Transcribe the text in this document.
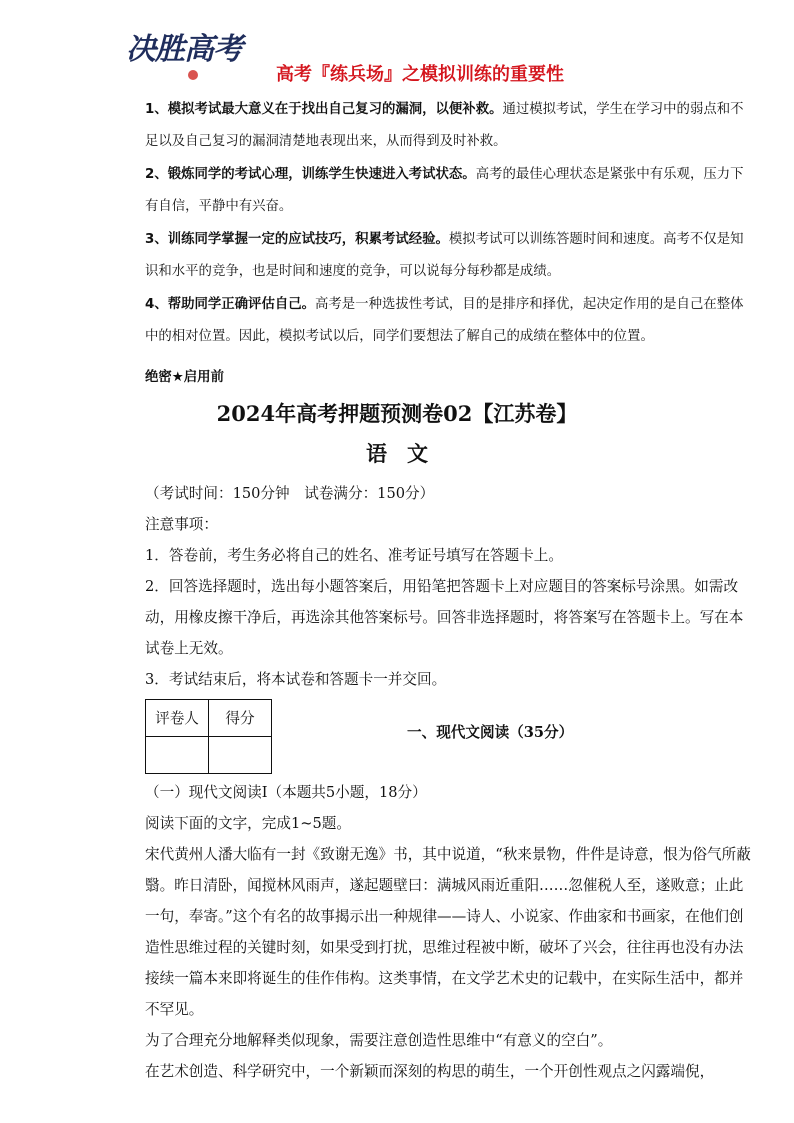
决胜高考
高考『练兵场』之模拟训练的重要性

1、模拟考试最大意义在于找出自己复习的漏洞，以便补救。通过模拟考试，学生在学习中的弱点和不足以及自己复习的漏洞清楚地表现出来，从而得到及时补救。

2、锻炼同学的考试心理，训练学生快速进入考试状态。高考的最佳心理状态是紧张中有乐观，压力下有自信，平静中有兴奋。

3、训练同学掌握一定的应试技巧，积累考试经验。模拟考试可以训练答题时间和速度。高考不仅是知识和水平的竞争，也是时间和速度的竞争，可以说每分每秒都是成绩。

4、帮助同学正确评估自己。高考是一种选拔性考试，目的是排序和择优，起决定作用的是自己在整体中的相对位置。因此，模拟考试以后，同学们要想法了解自己的成绩在整体中的位置。

绝密★启用前
2024年高考押题预测卷02【江苏卷】
语文

（考试时间：150分钟　试卷满分：150分）

注意事项：

1．答卷前，考生务必将自己的姓名、准考证号填写在答题卡上。

2．回答选择题时，选出每小题答案后，用铅笔把答题卡上对应题目的答案标号涂黑。如需改动，用橡皮擦干净后，再选涂其他答案标号。回答非选择题时，将答案写在答题卡上。写在本试卷上无效。

3．考试结束后，将本试卷和答题卡一并交回。

评卷人	得分

一、现代文阅读（35分）

（一）现代文阅读Ⅰ（本题共5小题，18分）

阅读下面的文字，完成1~5题。

宋代黄州人潘大临有一封《致谢无逸》书，其中说道，“秋来景物，件件是诗意，恨为俗气所蔽翳。昨日清卧，闻搅林风雨声，遂起题壁曰：满城风雨近重阳……忽催税人至，遂败意；止此一句，奉寄。”这个有名的故事揭示出一种规律——诗人、小说家、作曲家和书画家，在他们创造性思维过程的关键时刻，如果受到打扰，思维过程被中断，破坏了兴会，往往再也没有办法接续一篇本来即将诞生的佳作伟构。这类事情，在文学艺术史的记载中，在实际生活中，都并不罕见。

为了合理充分地解释类似现象，需要注意创造性思维中“有意义的空白”。

在艺术创造、科学研究中，一个新颖而深刻的构思的萌生，一个开创性观点之闪露端倪，
